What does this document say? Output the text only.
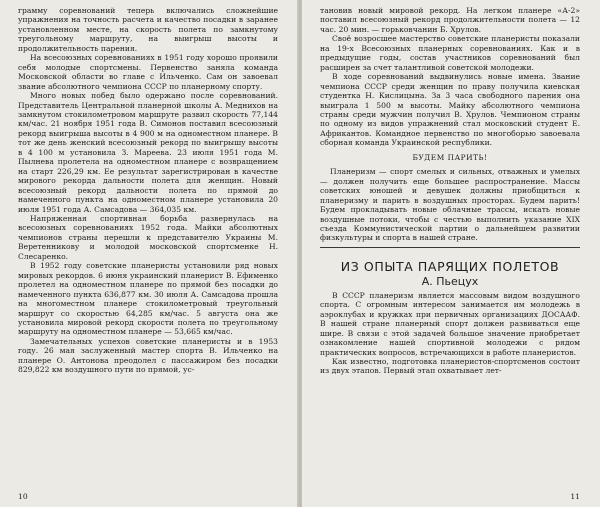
граммy соревнований теперь включались сложнейшие упражнения на точность расчета и качество посадки в заранее установленном месте, на скорость полета по замкнутому треугольному маршруту, на выигрыш высоты и продолжительность парения.

На всесоюзных соревнованиях в 1951 году хорошо проявили себя молодые спортсмены. Первенство заняла команда Московской области во главе с Ильченко. Сам он завоевал звание абсолютного чемпиона СССР по планерному спорту.

Много новых побед было одержано после соревнований. Представитель Центральной планерной школы А. Меднихов на замкнутом стокилометровом маршруте развил скорость 77,144 км/час. 21 ноября 1951 года В. Симонов поставил всесоюзный рекорд выигрыша высоты в 4 900 м на одноместном планере. В тот же день женский всесоюзный рекорд по выигрышу высоты в 4 100 м установила З. Мареева. 23 июля 1951 года М. Пылнева пролетела на одноместном планере с возвращением на старт 226,29 км. Ее результат зарегистрирован в качестве мирового рекорда дальности полета для женщин. Новый всесоюзный рекорд дальности полета по прямой до намеченного пункта на одноместном планере установила 20 июля 1951 года А. Самсадова — 364,035 км.

Напряженная спортивная борьба развернулась на всесоюзных соревнованиях 1952 года. Майки абсолютных чемпионов страны перешли к представителю Украины М. Веретенникову и молодой московской спортсменке Н. Слесаренко.

В 1952 году советские планеристы установили ряд новых мировых рекордов. 6 июня украинский планерист В. Ефименко пролетел на одноместном планере по прямой без посадки до намеченного пункта 636,877 км. 30 июля А. Самсадова прошла на многоместном планере стокилометровый треугольный маршрут со скоростью 64,285 км/час. 5 августа она же установила мировой рекорд скорости полета по треугольному маршруту на одноместном планере — 53,665 км/час.

Замечательных успехов советские планеристы и в 1953 году. 26 мая заслуженный мастер спорта В. Ильченко на планере О. Антонова преодолел с пассажиром без посадки 829,822 км воздушного пути по прямой, ус-

10

тановив новый мировой рекорд. На легком планере «А-2» поставил всесоюзный рекорд продолжительности полета — 12 час. 20 мин. — горьковчанин Б. Хрулов.

Своё возросшее мастерство советские планеристы показали на 19-х Всесоюзных планерных соревнованиях. Как и в предыдущие годы, состав участников соревнований был расширен за счет талантливой советской молодежи.

В ходе соревнований выдвинулись новые имена. Звание чемпиона СССР среди женщин по праву получила киевская студентка Н. Кислицына. За 3 часа свободного парения она выиграла 1 500 м высоты. Майку абсолютного чемпиона страны среди мужчин получил В. Хрулов. Чемпионом страны по одному из видов упражнений стал московский студент Е. Африкантов. Командное первенство по многоборью завоевала сборная команда Украинской республики.

БУДЕМ ПАРИТЬ!

Планеризм — спорт смелых и сильных, отважных и умелых — должен получить еще большее распространение. Массы советских юношей и девушек должны приобщиться к планеризму и парить в воздушных просторах. Будем парить! Будем прокладывать новые облачные трассы, искать новые воздушные потоки, чтобы с честью выполнить указание XIX съезда Коммунистической партии о дальнейшем развитии физкультуры и спорта в нашей стране.

ИЗ ОПЫТА ПАРЯЩИХ ПОЛЕТОВ
А. Пьецух

В СССР планеризм является массовым видом воздушного спорта. С огромным интересом занимается им молодежь в аэроклубах и кружках при первичных организациях ДОСААФ. В нашей стране планерный спорт должен развиваться еще шире. В связи с этой задачей большое значение приобретает ознакомление нашей спортивной молодежи с рядом практических вопросов, встречающихся в работе планеристов.

Как известно, подготовка планеристов-спортсменов состоит из двух этапов. Первый этап охватывает лет-

11
